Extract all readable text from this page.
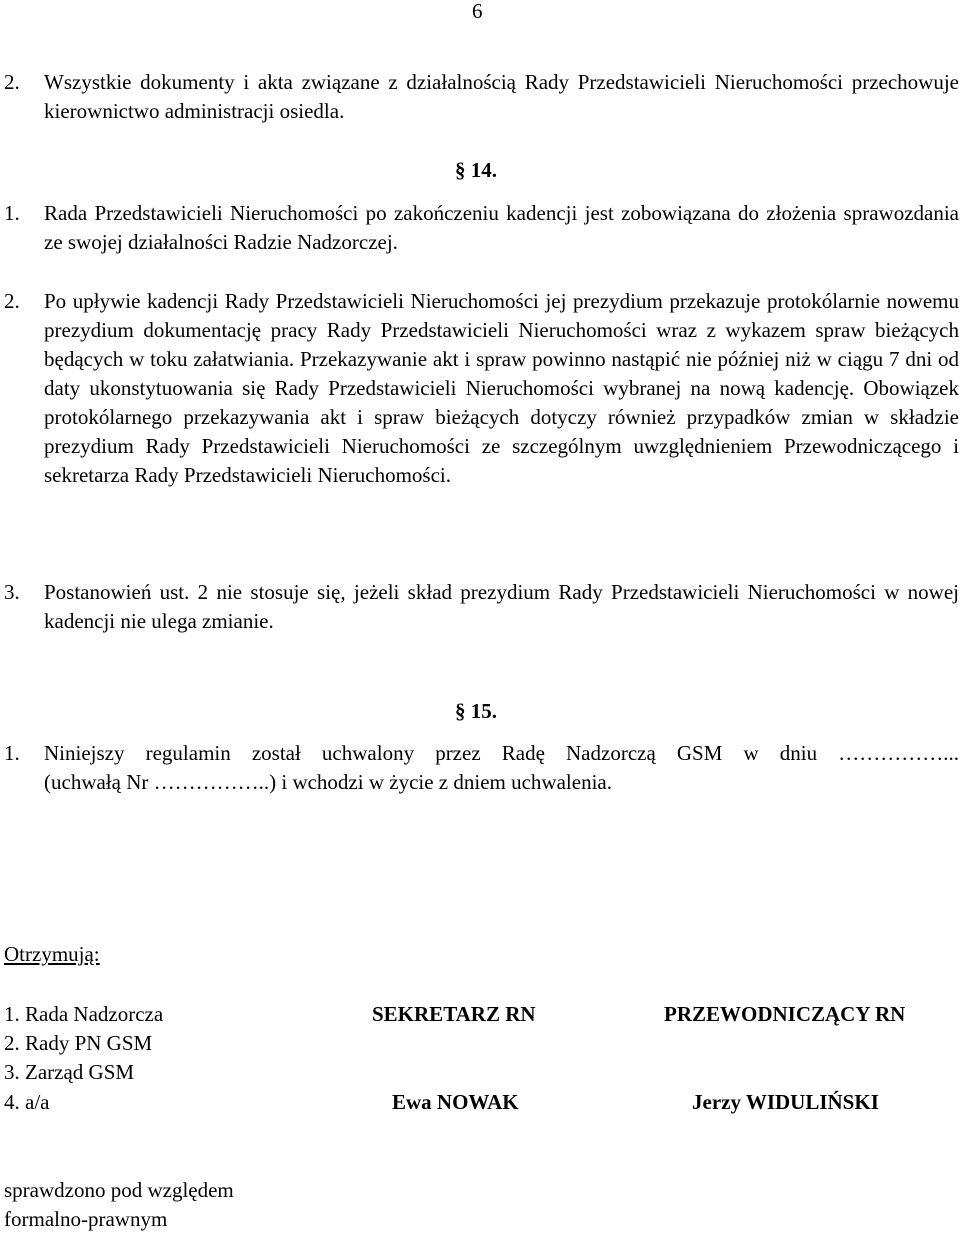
6
2. Wszystkie dokumenty i akta związane z działalnością Rady Przedstawicieli Nieruchomości przechowuje kierownictwo administracji osiedla.
§ 14.
1. Rada Przedstawicieli Nieruchomości po zakończeniu kadencji jest zobowiązana do złożenia sprawozdania ze swojej działalności Radzie Nadzorczej.
2. Po upływie kadencji Rady Przedstawicieli Nieruchomości jej prezydium przekazuje protokólarnie nowemu prezydium dokumentację pracy Rady Przedstawicieli Nieruchomości wraz z wykazem spraw bieżących będących w toku załatwiania. Przekazywanie akt i spraw powinno nastąpić nie później niż w ciągu 7 dni od daty ukonstytuowania się Rady Przedstawicieli Nieruchomości wybranej na nową kadencję. Obowiązek protokólarnego przekazywania akt i spraw bieżących dotyczy również przypadków zmian w składzie prezydium Rady Przedstawicieli Nieruchomości ze szczególnym uwzględnieniem Przewodniczącego i sekretarza Rady Przedstawicieli Nieruchomości.
3. Postanowień ust. 2 nie stosuje się, jeżeli skład prezydium Rady Przedstawicieli Nieruchomości w nowej kadencji nie ulega zmianie.
§ 15.
1. Niniejszy regulamin został uchwalony przez Radę Nadzorczą GSM w dniu ……………...
(uchwałą Nr ……………..) i wchodzi w życie z dniem uchwalenia.
Otrzymują:
1. Rada Nadzorcza
2. Rady PN GSM
3. Zarząd GSM
4. a/a
SEKRETARZ RN	PRZEWODNICZĄCY RN
Ewa NOWAK	Jerzy WIDULIŃSKI
sprawdzono pod względem
formalno-prawnym
